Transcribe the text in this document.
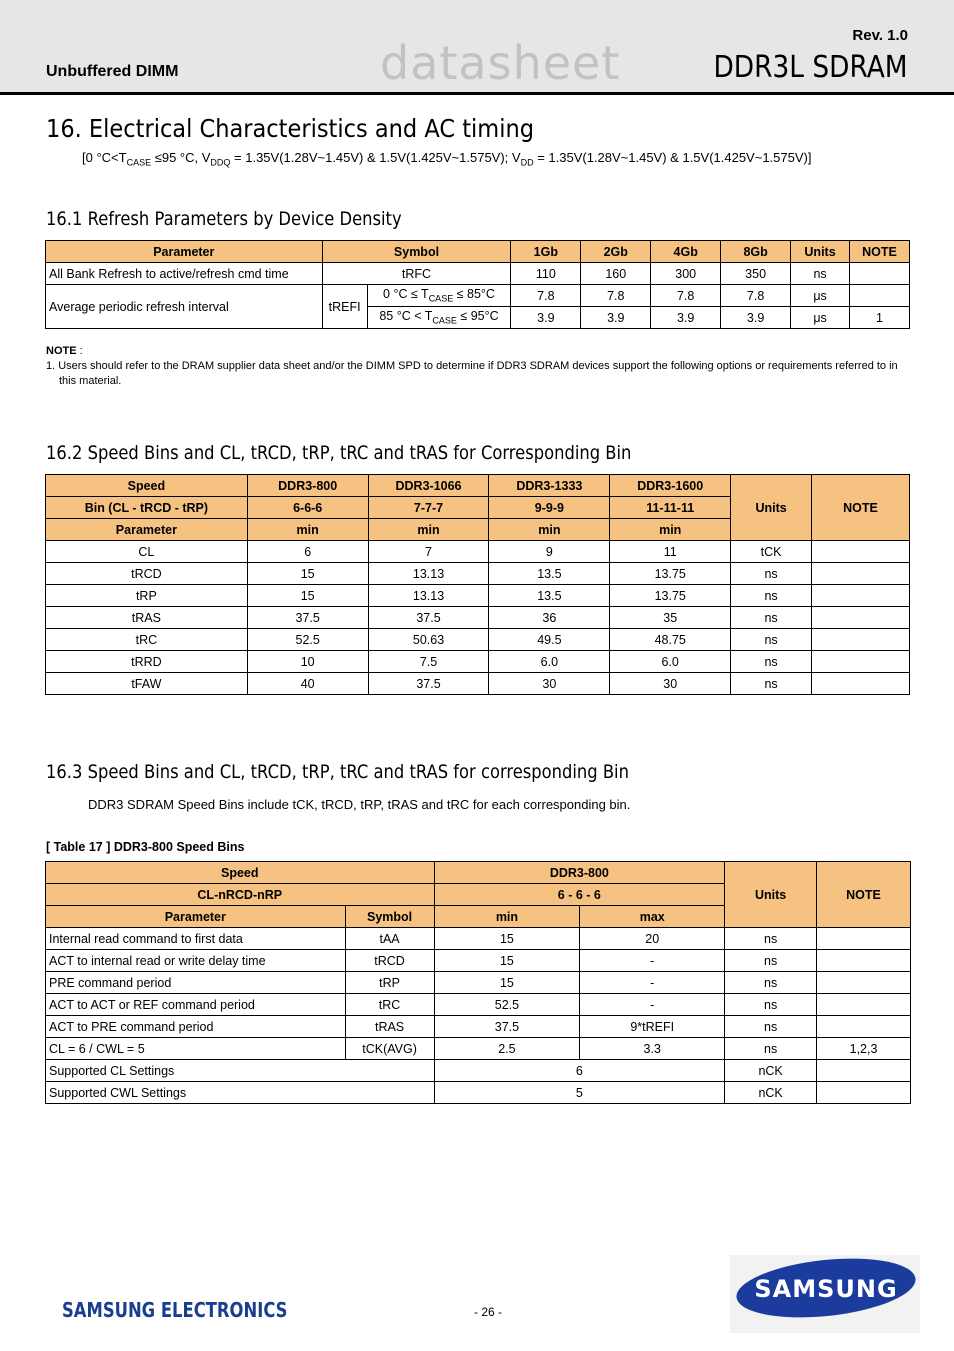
Unbuffered DIMM	datasheet
Rev. 1.0
DDR3L SDRAM
16. Electrical Characteristics and AC timing
[0 $^\circ C<T_{CASE} \le 95$ °C, $V_{DDQ}$ = 1.35V(1.28V~1.45V) & 1.5V(1.425V~1.575V); $V_{DD}$ = 1.35V(1.28V~1.45V) & 1.5V(1.425V~1.575V)]
16.1 Refresh Parameters by Device Density
Parameter	Symbol		1Gb	2Gb	4Gb	8Gb	Units	NOTE
All Bank Refresh to active/refresh cmd time	tRFC		110	160	300	350	ns	
Average periodic refresh interval	tREFI	0 $^\circ C \le T_{CASE} \le 85^\circ C$	7.8	7.8	7.8	7.8	μs	
		85 $^\circ C < T_{CASE} \le 95^\circ C$	3.9	3.9	3.9	3.9	μs	1
NOTE :
1. Users should refer to the DRAM supplier data sheet and/or the DIMM SPD to determine if DDR3 SDRAM devices support the following options or requirements referred to in
this material.
16.2 Speed Bins and CL, tRCD, tRP, tRC and tRAS for Corresponding Bin
Speed	DDR3-800	DDR3-1066	DDR3-1333	DDR3-1600	Units	NOTE
Bin (CL - tRCD - tRP)	6-6-6	7-7-7	9-9-9	11-11-11		
Parameter	min	min	min	min		
CL	6	7	9	11	tCK	
tRCD	15	13.13	13.5	13.75	ns	
tRP	15	13.13	13.5	13.75	ns	
tRAS	37.5	37.5	36	35	ns	
tRC	52.5	50.63	49.5	48.75	ns	
tRRD	10	7.5	6.0	6.0	ns	
tFAW	40	37.5	30	30	ns	
16.3 Speed Bins and CL, tRCD, tRP, tRC and tRAS for corresponding Bin
DDR3 SDRAM Speed Bins include tCK, tRCD, tRP, tRAS and tRC for each corresponding bin.
[ Table 17 ] DDR3-800 Speed Bins
Speed		DDR3-800		Units	NOTE
CL-nRCD-nRP		6 - 6 - 6			
Parameter	Symbol	min	max		
Internal read command to first data	tAA	15	20	ns	
ACT to internal read or write delay time	tRCD	15	-	ns	
PRE command period	tRP	15	-	ns	
ACT to ACT or REF command period	tRC	52.5	-	ns	
ACT to PRE command period	tRAS	37.5	9*tREFI	ns	
CL = 6 / CWL = 5	tCK(AVG)	2.5	3.3	ns	1,2,3
Supported CL Settings		6		nCK	
Supported CWL Settings		5		nCK	
SAMSUNG ELECTRONICS	- 26 -
SAMSUNG
